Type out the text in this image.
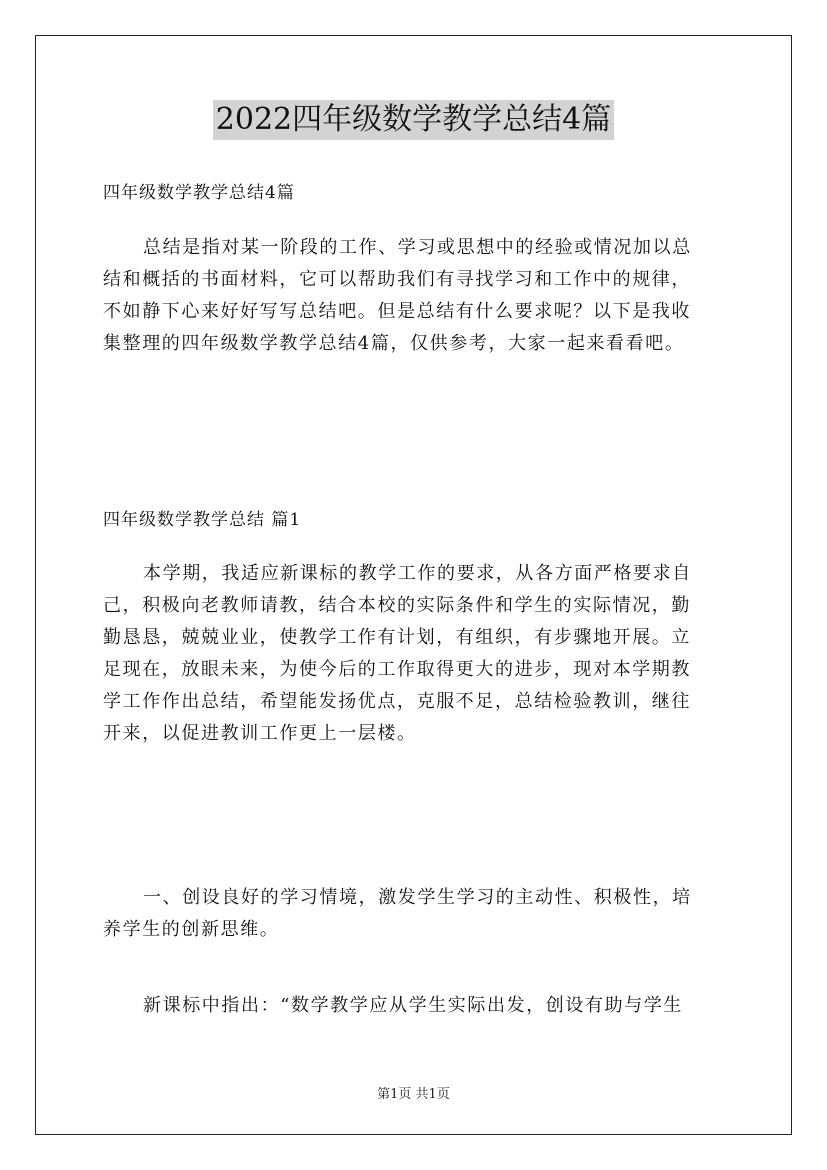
2022四年级数学教学总结4篇
四年级数学教学总结4篇
总结是指对某一阶段的工作、学习或思想中的经验或情况加以总
结和概括的书面材料，它可以帮助我们有寻找学习和工作中的规律，
不如静下心来好好写写总结吧。但是总结有什么要求呢？以下是我收
集整理的四年级数学教学总结4篇，仅供参考，大家一起来看看吧。
四年级数学教学总结 篇1
本学期，我适应新课标的教学工作的要求，从各方面严格要求自
己，积极向老教师请教，结合本校的实际条件和学生的实际情况，勤
勤恳恳，兢兢业业，使教学工作有计划，有组织，有步骤地开展。立
足现在，放眼未来，为使今后的工作取得更大的进步，现对本学期教
学工作作出总结，希望能发扬优点，克服不足，总结检验教训，继往
开来，以促进教训工作更上一层楼。
一、创设良好的学习情境，激发学生学习的主动性、积极性，培
养学生的创新思维。
新课标中指出：“数学教学应从学生实际出发，创设有助与学生
第1页 共1页
